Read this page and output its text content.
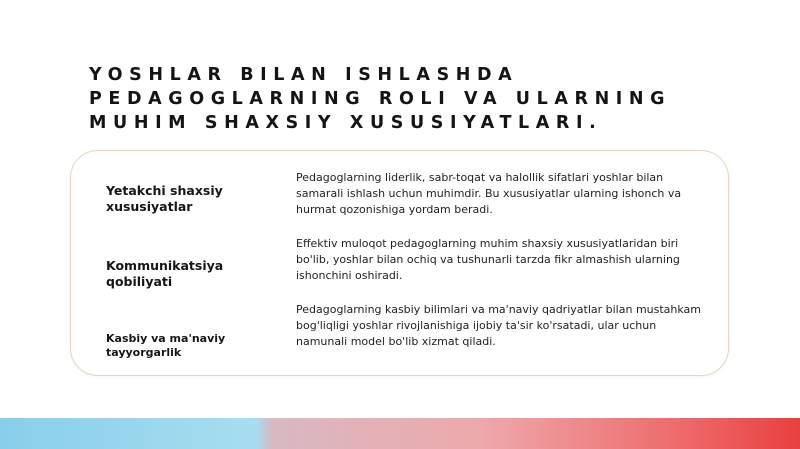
YOSHLAR BILAN ISHLASHDA
PEDAGOGLARNING ROLI VA ULARNING
MUHIM SHAXSIY XUSUSIYATLARI.

Yetakchi shaxsiy
xususiyatlar

Pedagoglarning liderlik, sabr-toqat va halollik sifatlari yoshlar bilan
samarali ishlash uchun muhimdir. Bu xususiyatlar ularning ishonch va
hurmat qozonishiga yordam beradi.

Kommunikatsiya
qobiliyati

Effektiv muloqot pedagoglarning muhim shaxsiy xususiyatlaridan biri
bo'lib, yoshlar bilan ochiq va tushunarli tarzda fikr almashish ularning
ishonchini oshiradi.

Kasbiy va ma'naviy
tayyorgarlik

Pedagoglarning kasbiy bilimlari va ma'naviy qadriyatlar bilan mustahkam
bog'liqligi yoshlar rivojlanishiga ijobiy ta'sir ko'rsatadi, ular uchun
namunali model bo'lib xizmat qiladi.
